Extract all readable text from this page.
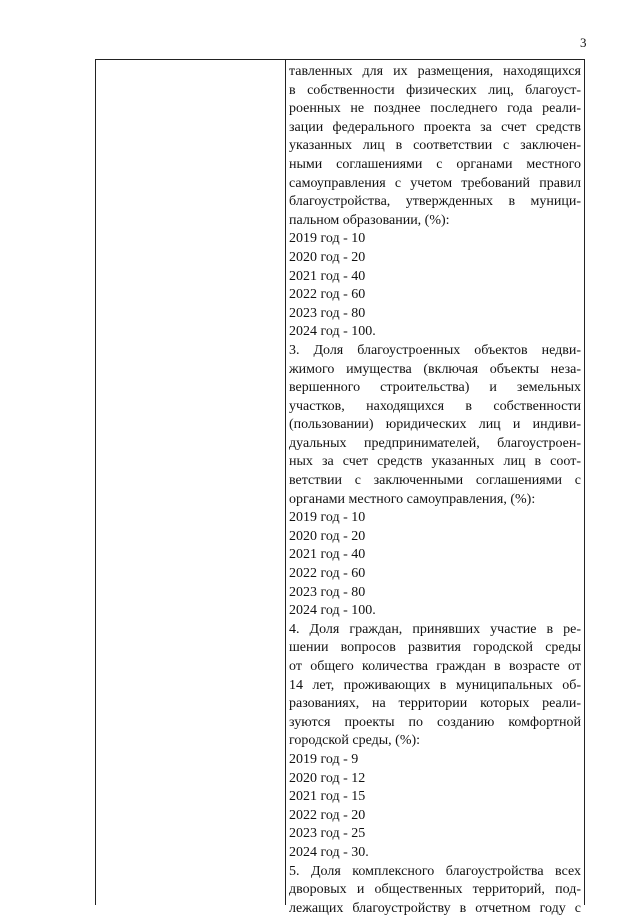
3
тавленных для их размещения, находящихся
в собственности физических лиц, благоуст-
роенных не позднее последнего года реали-
зации федерального проекта за счет средств
указанных лиц в соответствии с заключен-
ными соглашениями с органами местного
самоуправления с учетом требований правил
благоустройства, утвержденных в муници-
пальном образовании, (%):
2019 год - 10
2020 год - 20
2021 год - 40
2022 год - 60
2023 год - 80
2024 год - 100.
3. Доля благоустроенных объектов недви-
жимого имущества (включая объекты неза-
вершенного строительства) и земельных
участков, находящихся в собственности
(пользовании) юридических лиц и индиви-
дуальных предпринимателей, благоустроен-
ных за счет средств указанных лиц в соот-
ветствии с заключенными соглашениями с
органами местного самоуправления, (%):
2019 год - 10
2020 год - 20
2021 год - 40
2022 год - 60
2023 год - 80
2024 год - 100.
4. Доля граждан, принявших участие в ре-
шении вопросов развития городской среды
от общего количества граждан в возрасте от
14 лет, проживающих в муниципальных об-
разованиях, на территории которых реали-
зуются проекты по созданию комфортной
городской среды, (%):
2019 год - 9
2020 год - 12
2021 год - 15
2022 год - 20
2023 год - 25
2024 год - 30.
5. Доля комплексного благоустройства всех
дворовых и общественных территорий, под-
лежащих благоустройству в отчетном году с
